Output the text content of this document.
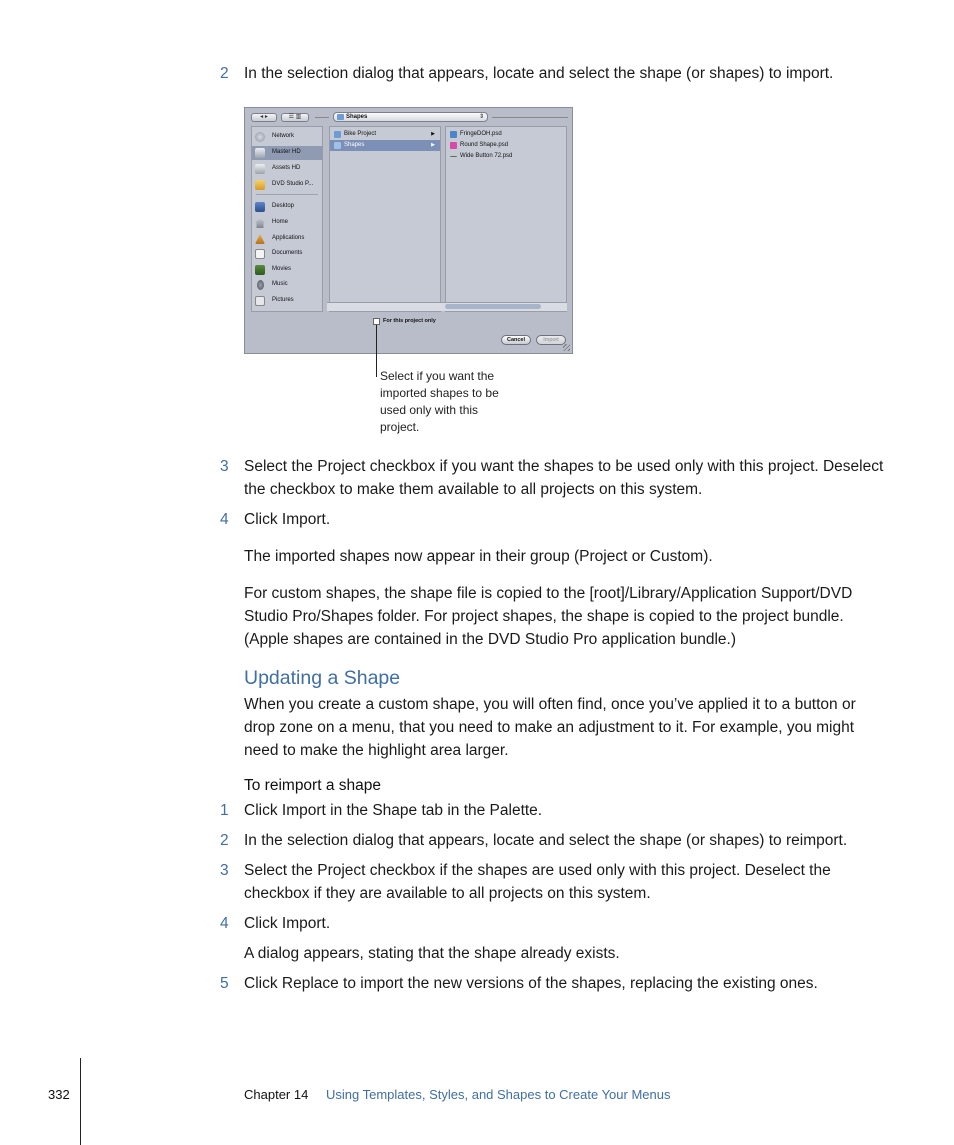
2 In the selection dialog that appears, locate and select the shape (or shapes) to import.
◂ ▸	☰ ▥	Shapes	⇕
Network
Master HD
Assets HD
DVD Studio P...
Desktop
Home
Applications
Documents
Movies
Music
Pictures
Bike Project	▶
Shapes	▶
FringeDOH.psd
Round Shape.psd
Wide Button 72.psd
For this project only
Cancel	Import
Select if you want the imported shapes to be used only with this project.
3 Select the Project checkbox if you want the shapes to be used only with this project. Deselect the checkbox to make them available to all projects on this system.
4 Click Import.
The imported shapes now appear in their group (Project or Custom).
For custom shapes, the shape file is copied to the [root]/Library/Application Support/DVD Studio Pro/Shapes folder. For project shapes, the shape is copied to the project bundle. (Apple shapes are contained in the DVD Studio Pro application bundle.)
Updating a Shape
When you create a custom shape, you will often find, once you’ve applied it to a button or drop zone on a menu, that you need to make an adjustment to it. For example, you might need to make the highlight area larger.
To reimport a shape
1 Click Import in the Shape tab in the Palette.
2 In the selection dialog that appears, locate and select the shape (or shapes) to reimport.
3 Select the Project checkbox if the shapes are used only with this project. Deselect the checkbox if they are available to all projects on this system.
4 Click Import.
A dialog appears, stating that the shape already exists.
5 Click Replace to import the new versions of the shapes, replacing the existing ones.
332	Chapter 14 Using Templates, Styles, and Shapes to Create Your Menus
